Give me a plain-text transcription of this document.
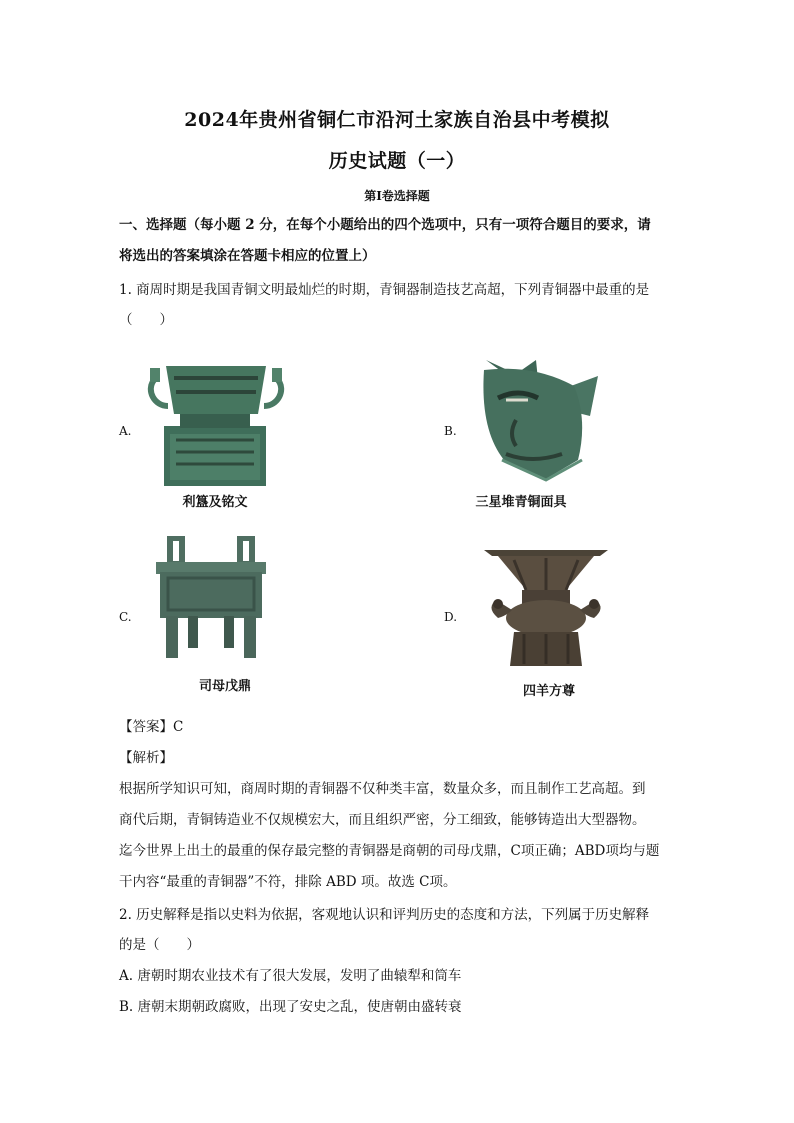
2024年贵州省铜仁市沿河土家族自治县中考模拟
历史试题（一）
第Ⅰ卷选择题
一、选择题（每小题 2 分，在每个小题给出的四个选项中，只有一项符合题目的要求，请
将选出的答案填涂在答题卡相应的位置上）
1. 商周时期是我国青铜文明最灿烂的时期，青铜器制造技艺高超，下列青铜器中最重的是
（　　）
A.
利簋及铭文
B.
三星堆青铜面具
C.
司母戊鼎
D.
四羊方尊
【答案】C
【解析】
根据所学知识可知，商周时期的青铜器不仅种类丰富，数量众多，而且制作工艺高超。到
商代后期，青铜铸造业不仅规模宏大，而且组织严密，分工细致，能够铸造出大型器物。
迄今世界上出土的最重的保存最完整的青铜器是商朝的司母戊鼎，C项正确；ABD项均与题
干内容“最重的青铜器”不符，排除 ABD 项。故选 C项。
2. 历史解释是指以史料为依据，客观地认识和评判历史的态度和方法，下列属于历史解释
的是（　　）
A. 唐朝时期农业技术有了很大发展，发明了曲辕犁和筒车
B. 唐朝末期朝政腐败，出现了安史之乱，使唐朝由盛转衰
